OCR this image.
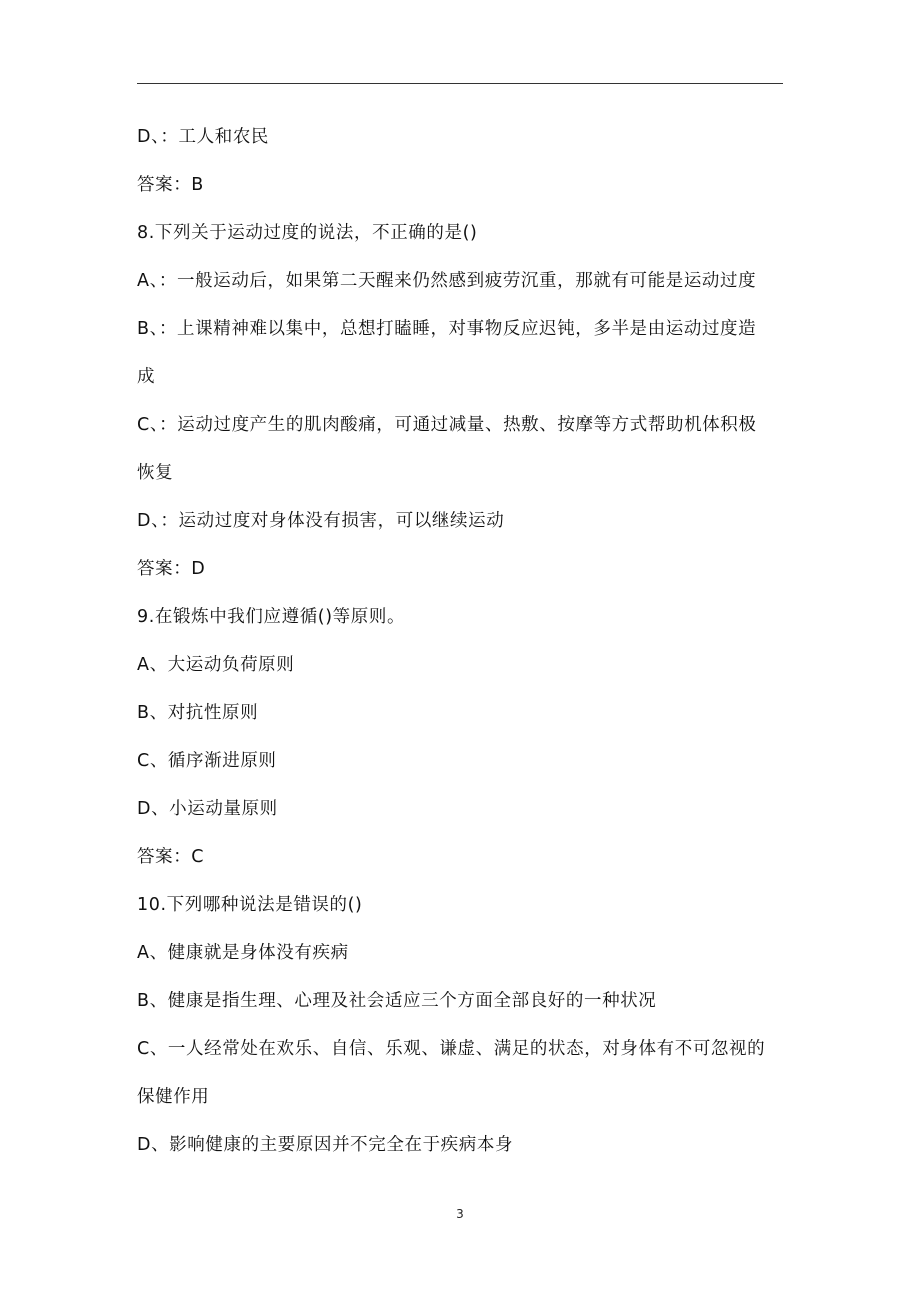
D、：工人和农民
答案：B
8.下列关于运动过度的说法，不正确的是()
A、：一般运动后，如果第二天醒来仍然感到疲劳沉重，那就有可能是运动过度
B、：上课精神难以集中，总想打瞌睡，对事物反应迟钝，多半是由运动过度造
成
C、：运动过度产生的肌肉酸痛，可通过减量、热敷、按摩等方式帮助机体积极
恢复
D、：运动过度对身体没有损害，可以继续运动
答案：D
9.在锻炼中我们应遵循()等原则。
A、大运动负荷原则
B、对抗性原则
C、循序渐进原则
D、小运动量原则
答案：C
10.下列哪种说法是错误的()
A、健康就是身体没有疾病
B、健康是指生理、心理及社会适应三个方面全部良好的一种状况
C、一人经常处在欢乐、自信、乐观、谦虚、满足的状态，对身体有不可忽视的
保健作用
D、影响健康的主要原因并不完全在于疾病本身
3
